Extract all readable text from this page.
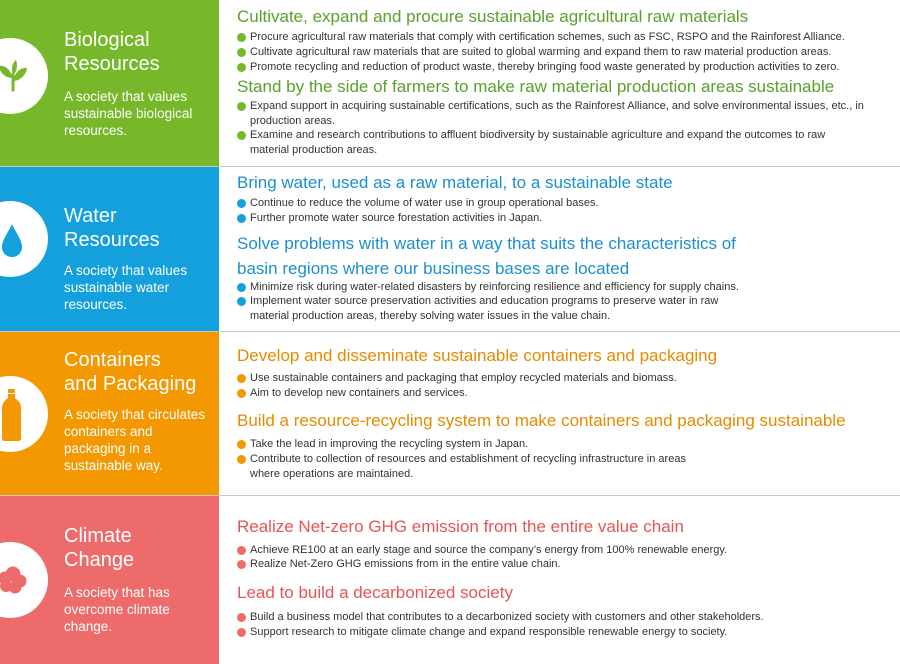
Biological
Resources

A society that values sustainable biological resources.

Cultivate, expand and procure sustainable agricultural raw materials

Procure agricultural raw materials that comply with certification schemes, such as FSC, RSPO and the Rainforest Alliance.

Cultivate agricultural raw materials that are suited to global warming and expand them to raw material production areas.

Promote recycling and reduction of product waste, thereby bringing food waste generated by production activities to zero.

Stand by the side of farmers to make raw material production areas sustainable

Expand support in acquiring sustainable certifications, such as the Rainforest Alliance, and solve environmental issues, etc., in production areas.

Examine and research contributions to affluent biodiversity by sustainable agriculture and expand the outcomes to raw material production areas.

Water
Resources

A society that values sustainable water resources.

Bring water, used as a raw material, to a sustainable state

Continue to reduce the volume of water use in group operational bases.

Further promote water source forestation activities in Japan.

Solve problems with water in a way that suits the characteristics of
basin regions where our business bases are located

Minimize risk during water-related disasters by reinforcing resilience and efficiency for supply chains.

Implement water source preservation activities and education programs to preserve water in raw material production areas, thereby solving water issues in the value chain.

Containers
and Packaging

A society that circulates containers and packaging in a sustainable way.

Develop and disseminate sustainable containers and packaging

Use sustainable containers and packaging that employ recycled materials and biomass.

Aim to develop new containers and services.

Build a resource-recycling system to make containers and packaging sustainable

Take the lead in improving the recycling system in Japan.

Contribute to collection of resources and establishment of recycling infrastructure in areas where operations are maintained.

Climate
Change

A society that has overcome climate change.

Realize Net-zero GHG emission from the entire value chain

Achieve RE100 at an early stage and source the company’s energy from 100% renewable energy.

Realize Net-Zero GHG emissions from in the entire value chain.

Lead to build a decarbonized society

Build a business model that contributes to a decarbonized society with customers and other stakeholders.

Support research to mitigate climate change and expand responsible renewable energy to society.
